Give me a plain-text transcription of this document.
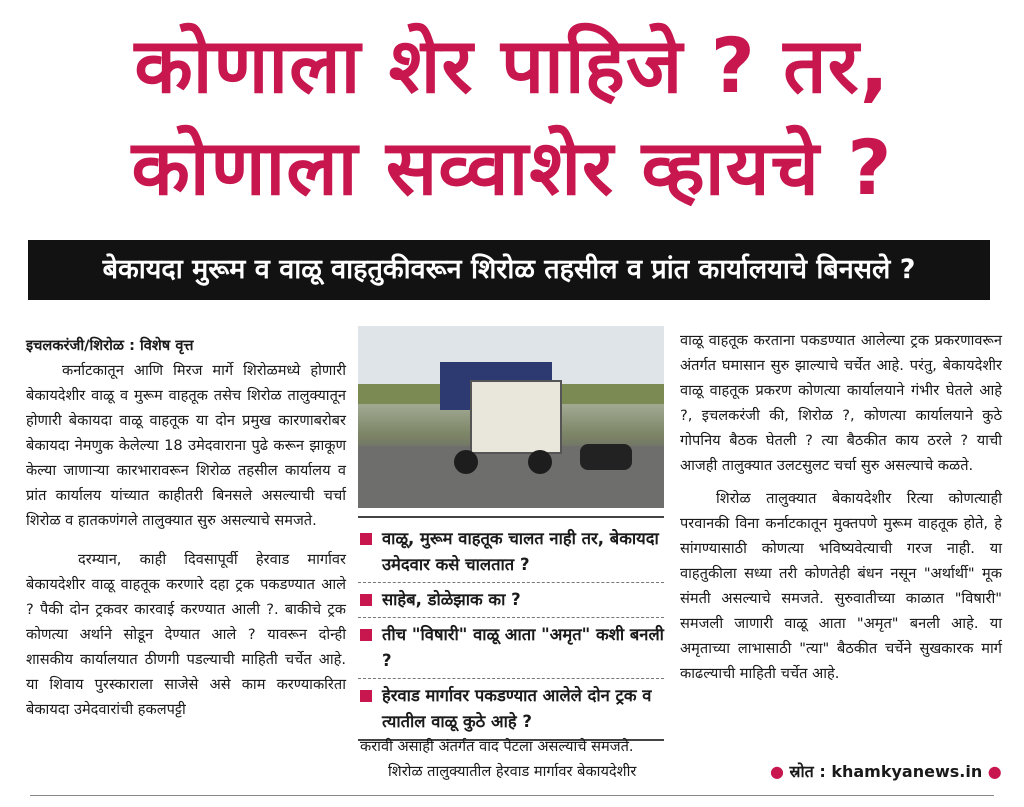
कोणाला शेर पाहिजे ? तर,
कोणाला सव्वाशेर व्हायचे ?
बेकायदा मुरूम व वाळू वाहतुकीवरून शिरोळ तहसील व प्रांत कार्यालयाचे बिनसले ?

इचलकरंजी/शिरोळ : विशेष वृत्त

कर्नाटकातून आणि मिरज मार्गे शिरोळमध्ये होणारी बेकायदेशीर वाळू व मुरूम वाहतूक तसेच शिरोळ तालुक्यातून होणारी बेकायदा वाळू वाहतूक या दोन प्रमुख कारणाबरोबर बेकायदा नेमणुक केलेल्या 18 उमेदवाराना पुढे करून झाकूण केल्या जाणाऱ्या कारभारावरून शिरोळ तहसील कार्यालय व प्रांत कार्यालय यांच्यात काहीतरी बिनसले असल्याची चर्चा शिरोळ व हातकणंगले तालुक्यात सुरु असल्याचे समजते.

दरम्यान, काही दिवसापूर्वी हेरवाड मार्गावर बेकायदेशीर वाळू वाहतूक करणारे दहा ट्रक पकडण्यात आले ? पैकी दोन ट्रकवर कारवाई करण्यात आली ?. बाकीचे ट्रक कोणत्या अर्थाने सोडून देण्यात आले ? यावरून दोन्ही शासकीय कार्यालयात ठीणगी पडल्याची माहिती चर्चेत आहे. या शिवाय पुरस्काराला साजेसे असे काम करण्याकरिता बेकायदा उमेदवारांची हकलपट्टी

वाळू, मुरूम वाहतूक चालत नाही तर, बेकायदा उमेदवार कसे चालतात ?
साहेब, डोळेझाक का ?
तीच "विषारी" वाळू आता "अमृत" कशी बनली ?
हेरवाड मार्गावर पकडण्यात आलेले दोन ट्रक व त्यातील वाळू कुठे आहे ?

करावी असाही अंतर्गत वाद पेटला असल्याचे समजते.

शिरोळ तालुक्यातील हेरवाड मार्गावर बेकायदेशीर

वाळू वाहतूक करताना पकडण्यात आलेल्या ट्रक प्रकरणावरून अंतर्गत घमासान सुरु झाल्याचे चर्चेत आहे. परंतु, बेकायदेशीर वाळू वाहतूक प्रकरण कोणत्या कार्यालयाने गंभीर घेतले आहे ?, इचलकरंजी की, शिरोळ ?, कोणत्या कार्यालयाने कुठे गोपनिय बैठक घेतली ? त्या बैठकीत काय ठरले ? याची आजही तालुक्यात उलटसुलट चर्चा सुरु असल्याचे कळते.

शिरोळ तालुक्यात बेकायदेशीर रित्या कोणत्याही परवानकी विना कर्नाटकातून मुक्तपणे मुरूम वाहतूक होते, हे सांगण्यासाठी कोणत्या भविष्यवेत्याची गरज नाही. या वाहतुकीला सध्या तरी कोणतेही बंधन नसून "अर्थार्थी" मूक संमती असल्याचे समजते. सुरुवातीच्या काळात "विषारी" समजली जाणारी वाळू आता "अमृत" बनली आहे. या अमृताच्या लाभासाठी "त्या" बैठकीत चर्चेने सुखकारक मार्ग काढल्याची माहिती चर्चेत आहे.

● स्रोत : khamkyanews.in ●
